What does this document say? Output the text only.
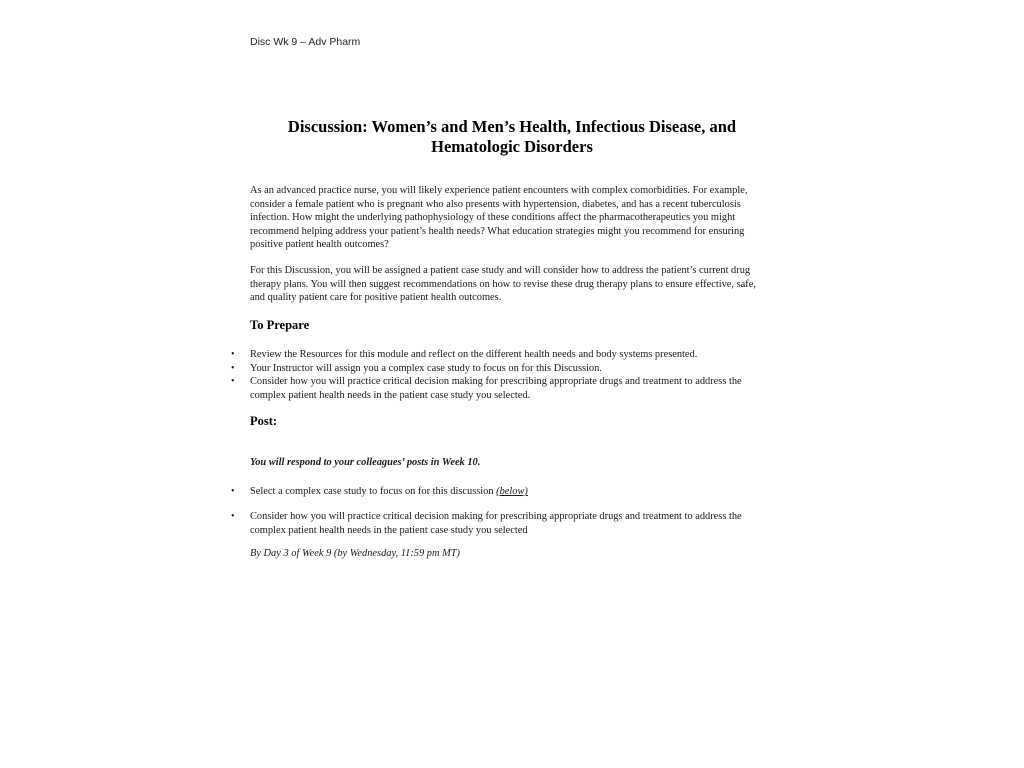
Disc Wk 9 – Adv Pharm
Discussion: Women’s and Men’s Health, Infectious Disease, and Hematologic Disorders
As an advanced practice nurse, you will likely experience patient encounters with complex comorbidities. For example, consider a female patient who is pregnant who also presents with hypertension, diabetes, and has a recent tuberculosis infection. How might the underlying pathophysiology of these conditions affect the pharmacotherapeutics you might recommend helping address your patient’s health needs? What education strategies might you recommend for ensuring positive patient health outcomes?
For this Discussion, you will be assigned a patient case study and will consider how to address the patient’s current drug therapy plans. You will then suggest recommendations on how to revise these drug therapy plans to ensure effective, safe, and quality patient care for positive patient health outcomes.
To Prepare
• Review the Resources for this module and reflect on the different health needs and body systems presented.
• Your Instructor will assign you a complex case study to focus on for this Discussion.
• Consider how you will practice critical decision making for prescribing appropriate drugs and treatment to address the complex patient health needs in the patient case study you selected.
Post:
You will respond to your colleagues’ posts in Week 10.
• Select a complex case study to focus on for this discussion (below)
• Consider how you will practice critical decision making for prescribing appropriate drugs and treatment to address the complex patient health needs in the patient case study you selected
By Day 3 of Week 9 (by Wednesday, 11:59 pm MT)
